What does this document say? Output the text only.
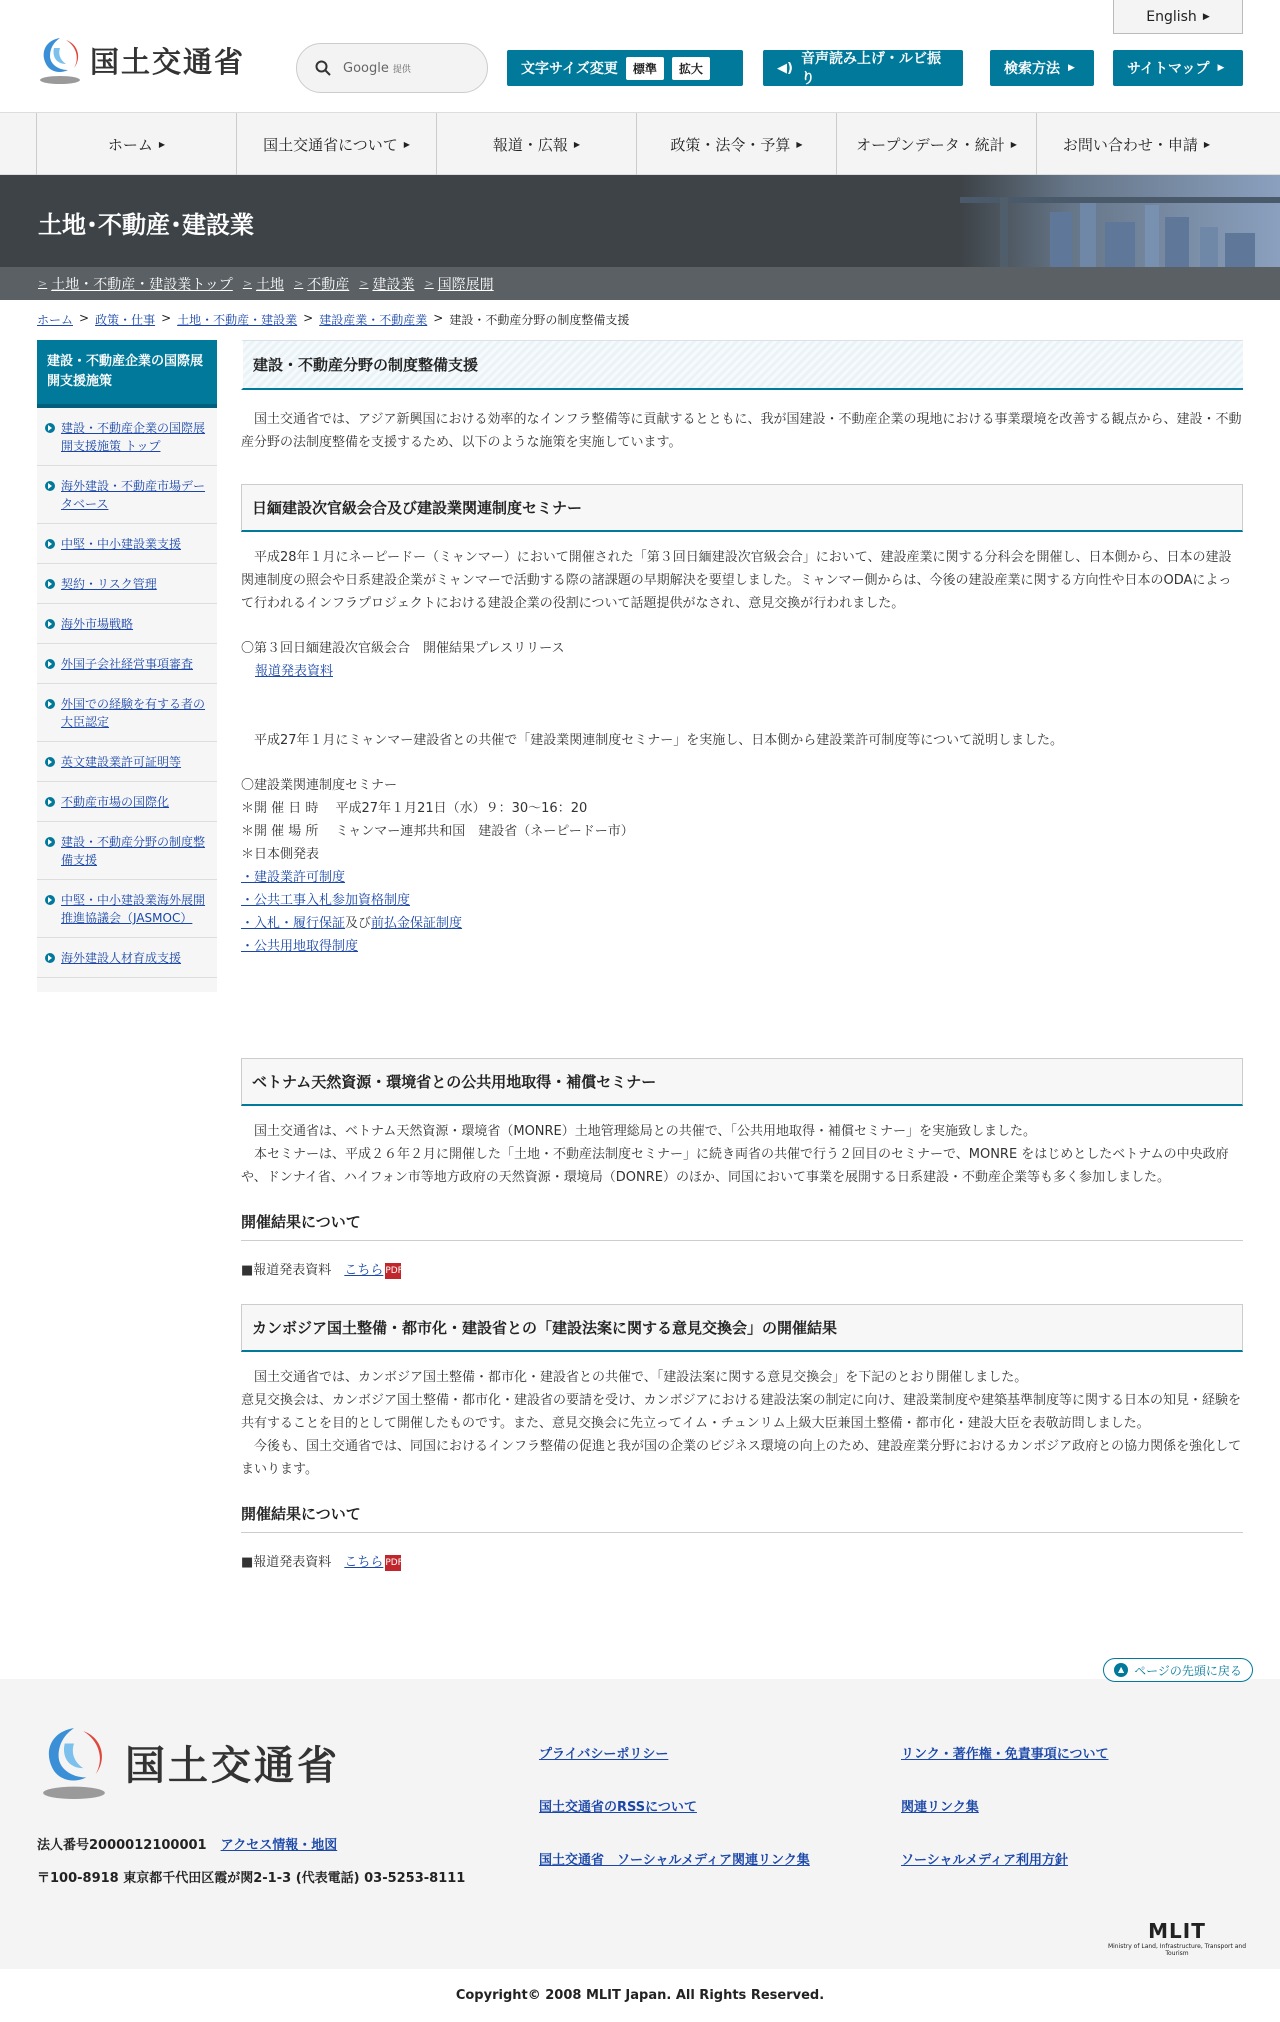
国土交通省
English ▶
Google 提供	文字サイズ変更	標準	拡大	◀)
音声読み上げ・ルビ振り
検索方法 ▶	サイトマップ ▶
ホーム ▶	国土交通省について ▶	報道・広報 ▶	政策・法令・予算 ▶	オープンデータ・統計 ▶	お問い合わせ・申請 ▶
土地･不動産･建設業
> 土地・不動産・建設業トップ > 土地 > 不動産 > 建設業 > 国際展開
ホーム > 政策・仕事 > 土地・不動産・建設業 > 建設産業・不動産業 > 建設・不動産分野の制度整備支援
建設・不動産企業の国際展開支援施策
建設・不動産企業の国際展開支援施策 トップ
海外建設・不動産市場データベース
中堅・中小建設業支援
契約・リスク管理
海外市場戦略
外国子会社経営事項審査
外国での経験を有する者の大臣認定
英文建設業許可証明等
不動産市場の国際化
建設・不動産分野の制度整備支援
中堅・中小建設業海外展開推進協議会（JASMOC）
海外建設人材育成支援
建設・不動産分野の制度整備支援

国土交通省では、アジア新興国における効率的なインフラ整備等に貢献するとともに、我が国建設・不動産企業の現地における事業環境を改善する観点から、建設・不動産分野の法制度整備を支援するため、以下のような施策を実施しています。

日緬建設次官級会合及び建設業関連制度セミナー

平成28年１月にネーピードー（ミャンマー）において開催された「第３回日緬建設次官級会合」において、建設産業に関する分科会を開催し、日本側から、日本の建設関連制度の照会や日系建設企業がミャンマーで活動する際の諸課題の早期解決を要望しました。ミャンマー側からは、今後の建設産業に関する方向性や日本のODAによって行われるインフラプロジェクトにおける建設企業の役割について話題提供がなされ、意見交換が行われました。

〇第３回日緬建設次官級会合　開催結果プレスリリース

報道発表資料

平成27年１月にミャンマー建設省との共催で「建設業関連制度セミナー」を実施し、日本側から建設業許可制度等について説明しました。

〇建設業関連制度セミナー

＊開 催 日 時　 平成27年１月21日（水）９：30～16：20

＊開 催 場 所　 ミャンマー連邦共和国　建設省（ネーピードー市）

＊日本側発表

・建設業許可制度

・公共工事入札参加資格制度

・入札・履行保証及び前払金保証制度

・公共用地取得制度

ベトナム天然資源・環境省との公共用地取得・補償セミナー

国土交通省は、ベトナム天然資源・環境省（MONRE）土地管理総局との共催で、「公共用地取得・補償セミナー」を実施致しました。

本セミナーは、平成２６年２月に開催した「土地・不動産法制度セミナー」に続き両省の共催で行う２回目のセミナーで、MONRE をはじめとしたベトナムの中央政府や、ドンナイ省、ハイフォン市等地方政府の天然資源・環境局（DONRE）のほか、同国において事業を展開する日系建設・不動産企業等も多く参加しました。

開催結果について

■報道発表資料　 こちら PDF

カンボジア国土整備・都市化・建設省との「建設法案に関する意見交換会」の開催結果

国土交通省では、カンボジア国土整備・都市化・建設省との共催で、「建設法案に関する意見交換会」を下記のとおり開催しました。

意見交換会は、カンボジア国土整備・都市化・建設省の要請を受け、カンボジアにおける建設法案の制定に向け、建設業制度や建築基準制度等に関する日本の知見・経験を共有することを目的として開催したものです。また、意見交換会に先立ってイム・チュンリム上級大臣兼国土整備・都市化・建設大臣を表敬訪問しました。

今後も、国土交通省では、同国におけるインフラ整備の促進と我が国の企業のビジネス環境の向上のため、建設産業分野におけるカンボジア政府との協力関係を強化してまいります。

開催結果について

■報道発表資料　 こちら PDF

国土交通省
法人番号2000012100001 アクセス情報・地図
〒100-8918 東京都千代田区霞が関2-1-3 (代表電話) 03-5253-8111
プライバシーポリシー	リンク・著作権・免責事項について
国土交通省のRSSについて	関連リンク集
国土交通省　ソーシャルメディア関連リンク集	ソーシャルメディア利用方針
MLIT
Ministry of Land, Infrastructure, Transport and Tourism
▲ ページの先頭に戻る
Copyright© 2008 MLIT Japan. All Rights Reserved.
